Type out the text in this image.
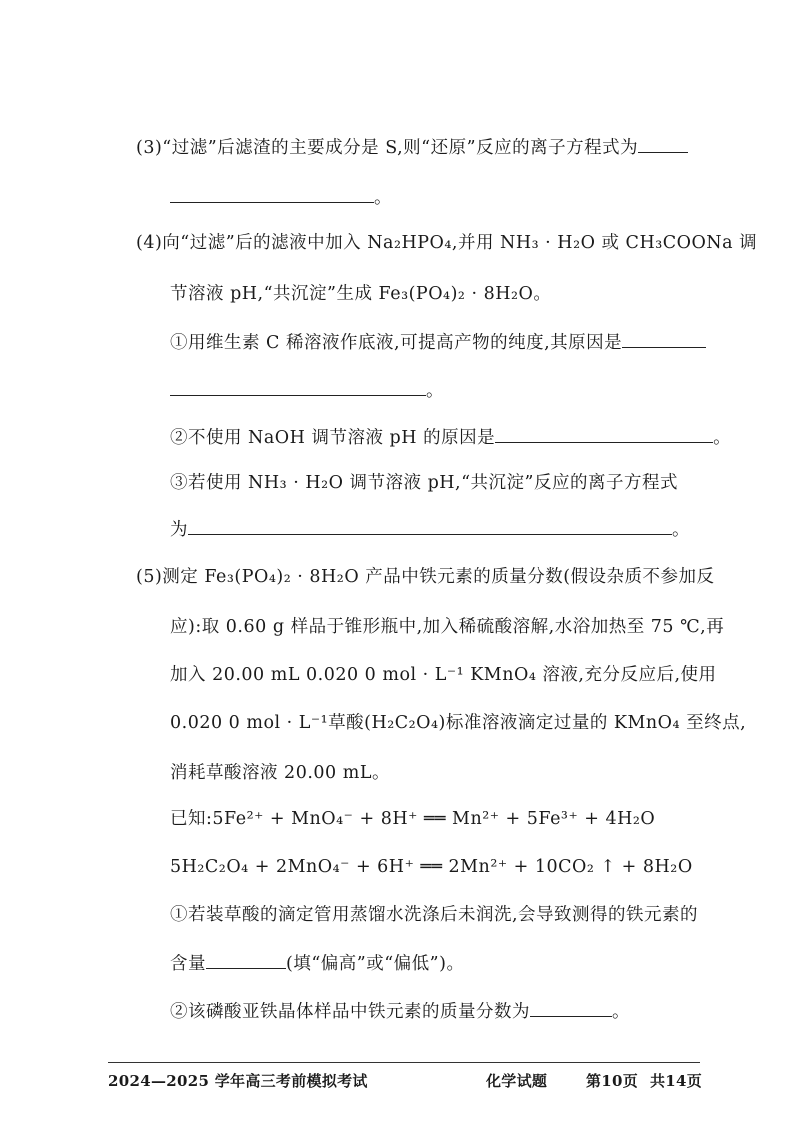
(3)“过滤”后滤渣的主要成分是 S,则“还原”反应的离子方程式为
。
(4)向“过滤”后的滤液中加入 Na₂HPO₄,并用 NH₃ · H₂O 或 CH₃COONa 调
节溶液 pH,“共沉淀”生成 Fe₃(PO₄)₂ · 8H₂O。
①用维生素 C 稀溶液作底液,可提高产物的纯度,其原因是
。
②不使用 NaOH 调节溶液 pH 的原因是	。
③若使用 NH₃ · H₂O 调节溶液 pH,“共沉淀”反应的离子方程式
为	。
(5)测定 Fe₃(PO₄)₂ · 8H₂O 产品中铁元素的质量分数(假设杂质不参加反
应):取 0.60 g 样品于锥形瓶中,加入稀硫酸溶解,水浴加热至 75 ℃,再
加入 20.00 mL 0.020 0 mol · L⁻¹ KMnO₄ 溶液,充分反应后,使用
0.020 0 mol · L⁻¹草酸(H₂C₂O₄)标准溶液滴定过量的 KMnO₄ 至终点,
消耗草酸溶液 20.00 mL。
已知:5Fe²⁺ + MnO₄⁻ + 8H⁺ ══ Mn²⁺ + 5Fe³⁺ + 4H₂O
5H₂C₂O₄ + 2MnO₄⁻ + 6H⁺ ══ 2Mn²⁺ + 10CO₂ ↑ + 8H₂O
①若装草酸的滴定管用蒸馏水洗涤后未润洗,会导致测得的铁元素的
含量	(填“偏高”或“偏低”)。
②该磷酸亚铁晶体样品中铁元素的质量分数为	。
2024—2025 学年高三考前模拟考试	化学试题	第10页 共14页
